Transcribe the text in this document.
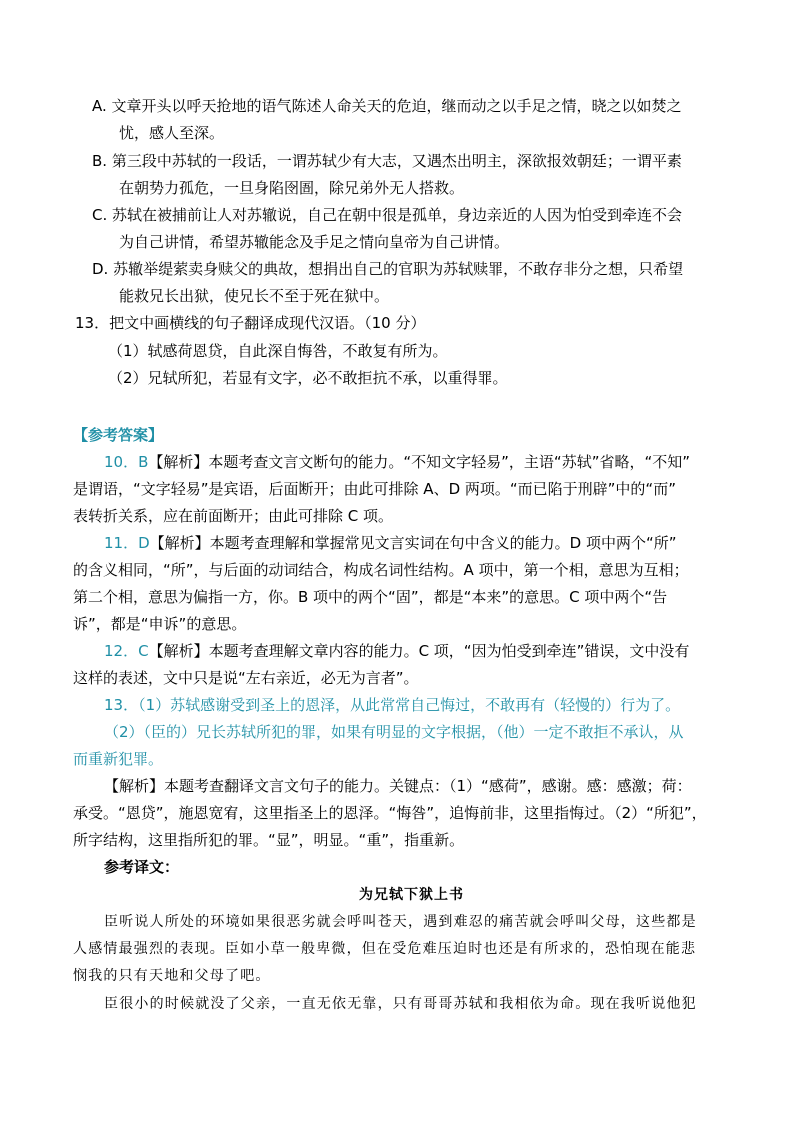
A. 文章开头以呼天抢地的语气陈述人命关天的危迫，继而动之以手足之情，晓之以如焚之
忧，感人至深。
B. 第三段中苏轼的一段话，一谓苏轼少有大志，又遇杰出明主，深欲报效朝廷；一谓平素
在朝势力孤危，一旦身陷囹圄，除兄弟外无人搭救。
C. 苏轼在被捕前让人对苏辙说，自己在朝中很是孤单，身边亲近的人因为怕受到牵连不会
为自己讲情，希望苏辙能念及手足之情向皇帝为自己讲情。
D. 苏辙举缇萦卖身赎父的典故，想捐出自己的官职为苏轼赎罪，不敢存非分之想，只希望
能救兄长出狱，使兄长不至于死在狱中。
13．把文中画横线的句子翻译成现代汉语。（10 分）
（1）轼感荷恩贷，自此深自悔咎，不敢复有所为。
（2）兄轼所犯，若显有文字，必不敢拒抗不承，以重得罪。
【参考答案】
10．B【解析】本题考查文言文断句的能力。“不知文字轻易”，主语“苏轼”省略，“不知”
是谓语，“文字轻易”是宾语，后面断开；由此可排除 A、D 两项。“而已陷于刑辟”中的“而”
表转折关系，应在前面断开；由此可排除 C 项。
11．D【解析】本题考查理解和掌握常见文言实词在句中含义的能力。D 项中两个“所”
的含义相同，“所”，与后面的动词结合，构成名词性结构。A 项中，第一个相，意思为互相；
第二个相，意思为偏指一方，你。B 项中的两个“固”，都是“本来”的意思。C 项中两个“告
诉”，都是“申诉”的意思。
12．C【解析】本题考查理解文章内容的能力。C 项，“因为怕受到牵连”错误，文中没有
这样的表述，文中只是说“左右亲近，必无为言者”。
13．（1）苏轼感谢受到圣上的恩泽，从此常常自己悔过，不敢再有（轻慢的）行为了。
（2）（臣的）兄长苏轼所犯的罪，如果有明显的文字根据，（他）一定不敢拒不承认，从
而重新犯罪。
【解析】本题考查翻译文言文句子的能力。关键点：（1）“感荷”，感谢。感：感激；荷：
承受。“恩贷”，施恩宽宥，这里指圣上的恩泽。“悔咎”，追悔前非，这里指悔过。（2）“所犯”，
所字结构，这里指所犯的罪。“显”，明显。“重”，指重新。
参考译文：
为兄轼下狱上书
臣听说人所处的环境如果很恶劣就会呼叫苍天，遇到难忍的痛苦就会呼叫父母，这些都是
人感情最强烈的表现。臣如小草一般卑微，但在受危难压迫时也还是有所求的，恐怕现在能悲
悯我的只有天地和父母了吧。
臣很小的时候就没了父亲，一直无依无靠，只有哥哥苏轼和我相依为命。现在我听说他犯
